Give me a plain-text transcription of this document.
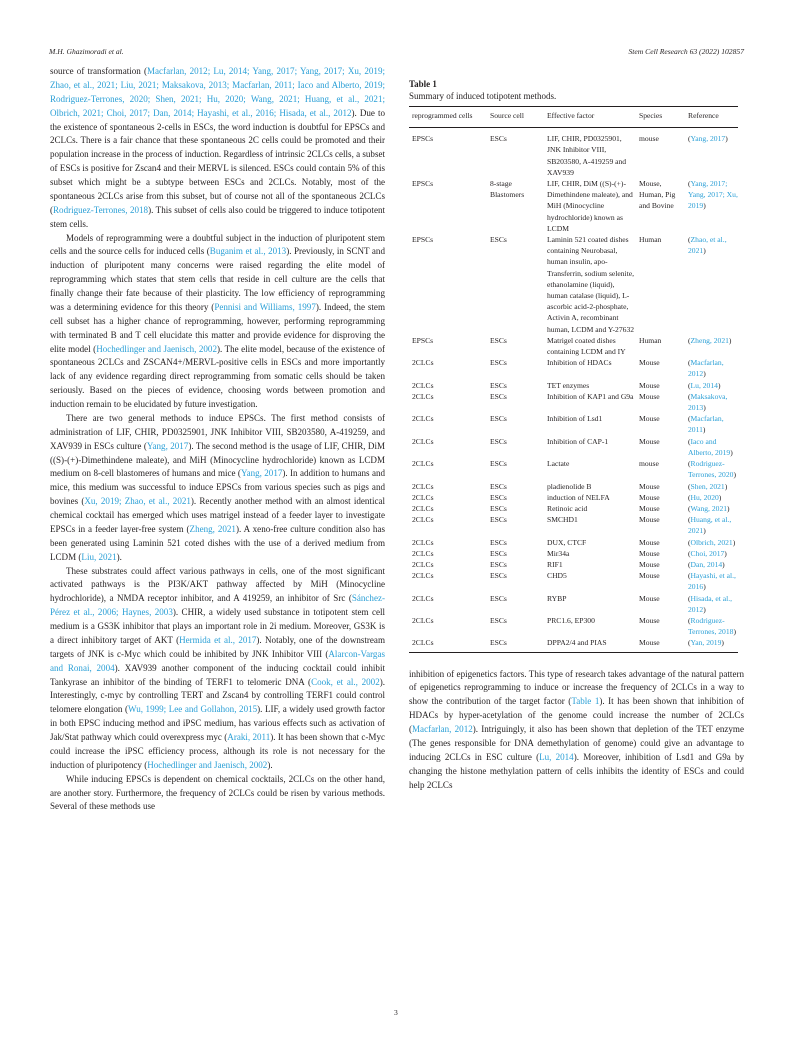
M.H. Ghazimoradi et al.	Stem Cell Research 63 (2022) 102857

source of transformation (Macfarlan, 2012; Lu, 2014; Yang, 2017; Yang, 2017; Xu, 2019; Zhao, et al., 2021; Liu, 2021; Maksakova, 2013; Macfarlan, 2011; Iaco and Alberto, 2019; Rodriguez-Terrones, 2020; Shen, 2021; Hu, 2020; Wang, 2021; Huang, et al., 2021; Olbrich, 2021; Choi, 2017; Dan, 2014; Hayashi, et al., 2016; Hisada, et al., 2012). Due to the existence of spontaneous 2-cells in ESCs, the word induction is doubtful for EPSCs and 2CLCs. There is a fair chance that these spontaneous 2C cells could be promoted and their population increase in the process of induction. Regardless of intrinsic 2CLCs cells, a subset of ESCs is positive for Zscan4 and their MERVL is silenced. ESCs could contain 5% of this subset which might be a subtype between ESCs and 2CLCs. Notably, most of the spontaneous 2CLCs arise from this subset, but of course not all of the spontaneous 2CLCs (Rodriguez-Terrones, 2018). This subset of cells also could be triggered to induce totipotent stem cells.

Models of reprogramming were a doubtful subject in the induction of pluripotent stem cells and the source cells for induced cells (Buganim et al., 2013). Previously, in SCNT and induction of pluripotent many concerns were raised regarding the elite model of reprogramming which states that stem cells that reside in cell culture are the cells that finally change their fate because of their plasticity. The low efficiency of reprogramming was a determining evidence for this theory (Pennisi and Williams, 1997). Indeed, the stem cell subset has a higher chance of reprogramming, however, performing reprogramming with terminated B and T cell elucidate this matter and provide evidence for disproving the elite model (Hochedlinger and Jaenisch, 2002). The elite model, because of the existence of spontaneous 2CLCs and ZSCAN4+/MERVL-positive cells in ESCs and more importantly lack of any evidence regarding direct reprogramming from somatic cells should be taken seriously. Based on the pieces of evidence, choosing words between promotion and induction remain to be elucidated by future investigation.

There are two general methods to induce EPSCs. The first method consists of administration of LIF, CHIR, PD0325901, JNK Inhibitor VIII, SB203580, A-419259, and XAV939 in ESCs culture (Yang, 2017). The second method is the usage of LIF, CHIR, DiM ((S)-(+)-Dimethindene maleate), and MiH (Minocycline hydrochloride) known as LCDM medium on 8-cell blastomeres of humans and mice (Yang, 2017). In addition to humans and mice, this medium was successful to induce EPSCs from various species such as pigs and bovines (Xu, 2019; Zhao, et al., 2021). Recently another method with an almost identical chemical cocktail has emerged which uses matrigel instead of a feeder layer to investigate EPSCs in a feeder layer-free system (Zheng, 2021). A xeno-free culture condition also has been generated using Laminin 521 coted dishes with the use of a derived medium from LCDM (Liu, 2021).

These substrates could affect various pathways in cells, one of the most significant activated pathways is the PI3K/AKT pathway affected by MiH (Minocycline hydrochloride), a NMDA receptor inhibitor, and A 419259, an inhibitor of Src (Sánchez-Pérez et al., 2006; Haynes, 2003). CHIR, a widely used substance in totipotent stem cell medium is a GS3K inhibitor that plays an important role in 2i medium. Moreover, GS3K is a direct inhibitory target of AKT (Hermida et al., 2017). Notably, one of the downstream targets of JNK is c-Myc which could be inhibited by JNK Inhibitor VIII (Alarcon-Vargas and Ronai, 2004). XAV939 another component of the inducing cocktail could inhibit Tankyrase an inhibitor of the binding of TERF1 to telomeric DNA (Cook, et al., 2002). Interestingly, c-myc by controlling TERT and Zscan4 by controlling TERF1 could control telomere elongation (Wu, 1999; Lee and Gollahon, 2015). LIF, a widely used growth factor in both EPSC inducing method and iPSC medium, has various effects such as activation of Jak/Stat pathway which could overexpress myc (Araki, 2011). It has been shown that c-Myc could increase the iPSC efficiency process, although its role is not necessary for the induction of pluripotency (Hochedlinger and Jaenisch, 2002).

While inducing EPSCs is dependent on chemical cocktails, 2CLCs on the other hand, are another story. Furthermore, the frequency of 2CLCs could be risen by various methods. Several of these methods use

Table 1
Summary of induced totipotent methods.
reprogrammed cells	Source cell	Effective factor	Species	Reference
EPSCs	ESCs	LIF, CHIR, PD0325901, JNK Inhibitor VIII, SB203580, A-419259 and XAV939	mouse	(Yang, 2017)
EPSCs	8-stage Blastomers	LIF, CHIR, DiM ((S)-(+)-Dimethindene maleate), and MiH (Minocycline hydrochloride) known as LCDM	Mouse, Human, Pig and Bovine	(Yang, 2017; Yang, 2017; Xu, 2019)
EPSCs	ESCs	Laminin 521 coated dishes containing Neurobasal, human insulin, apo-Transferrin, sodium selenite, ethanolamine (liquid), human catalase (liquid), L-ascorbic acid-2-phosphate, Activin A, recombinant human, LCDM and Y-27632	Human	(Zhao, et al., 2021)
EPSCs	ESCs	Matrigel coated dishes containing LCDM and IY	Human	(Zheng, 2021)
2CLCs	ESCs	Inhibition of HDACs	Mouse	(Macfarlan, 2012)
2CLCs	ESCs	TET enzymes	Mouse	(Lu, 2014)
2CLCs	ESCs	Inhibition of KAP1 and G9a	Mouse	(Maksakova, 2013)
2CLCs	ESCs	Inhibition of Lsd1	Mouse	(Macfarlan, 2011)
2CLCs	ESCs	Inhibition of CAP-1	Mouse	(Iaco and Alberto, 2019)
2CLCs	ESCs	Lactate	mouse	(Rodriguez-Terrones, 2020)
2CLCs	ESCs	pladienolide B	Mouse	(Shen, 2021)
2CLCs	ESCs	induction of NELFA	Mouse	(Hu, 2020)
2CLCs	ESCs	Retinoic acid	Mouse	(Wang, 2021)
2CLCs	ESCs	SMCHD1	Mouse	(Huang, et al., 2021)
2CLCs	ESCs	DUX, CTCF	Mouse	(Olbrich, 2021)
2CLCs	ESCs	Mir34a	Mouse	(Choi, 2017)
2CLCs	ESCs	RIF1	Mouse	(Dan, 2014)
2CLCs	ESCs	CHD5	Mouse	(Hayashi, et al., 2016)
2CLCs	ESCs	RYBP	Mouse	(Hisada, et al., 2012)
2CLCs	ESCs	PRC1.6, EP300	Mouse	(Rodriguez-Terrones, 2018)
2CLCs	ESCs	DPPA2/4 and PIAS	Mouse	(Yan, 2019)

inhibition of epigenetics factors. This type of research takes advantage of the natural pattern of epigenetics reprogramming to induce or increase the frequency of 2CLCs in a way to show the contribution of the target factor (Table 1). It has been shown that inhibition of HDACs by hyper-acetylation of the genome could increase the number of 2CLCs (Macfarlan, 2012). Intriguingly, it also has been shown that depletion of the TET enzyme (The genes responsible for DNA demethylation of genome) could give an advantage to inducing 2CLCs in ESC culture (Lu, 2014). Moreover, inhibition of Lsd1 and G9a by changing the histone methylation pattern of cells inhibits the identity of ESCs and could help 2CLCs

3
